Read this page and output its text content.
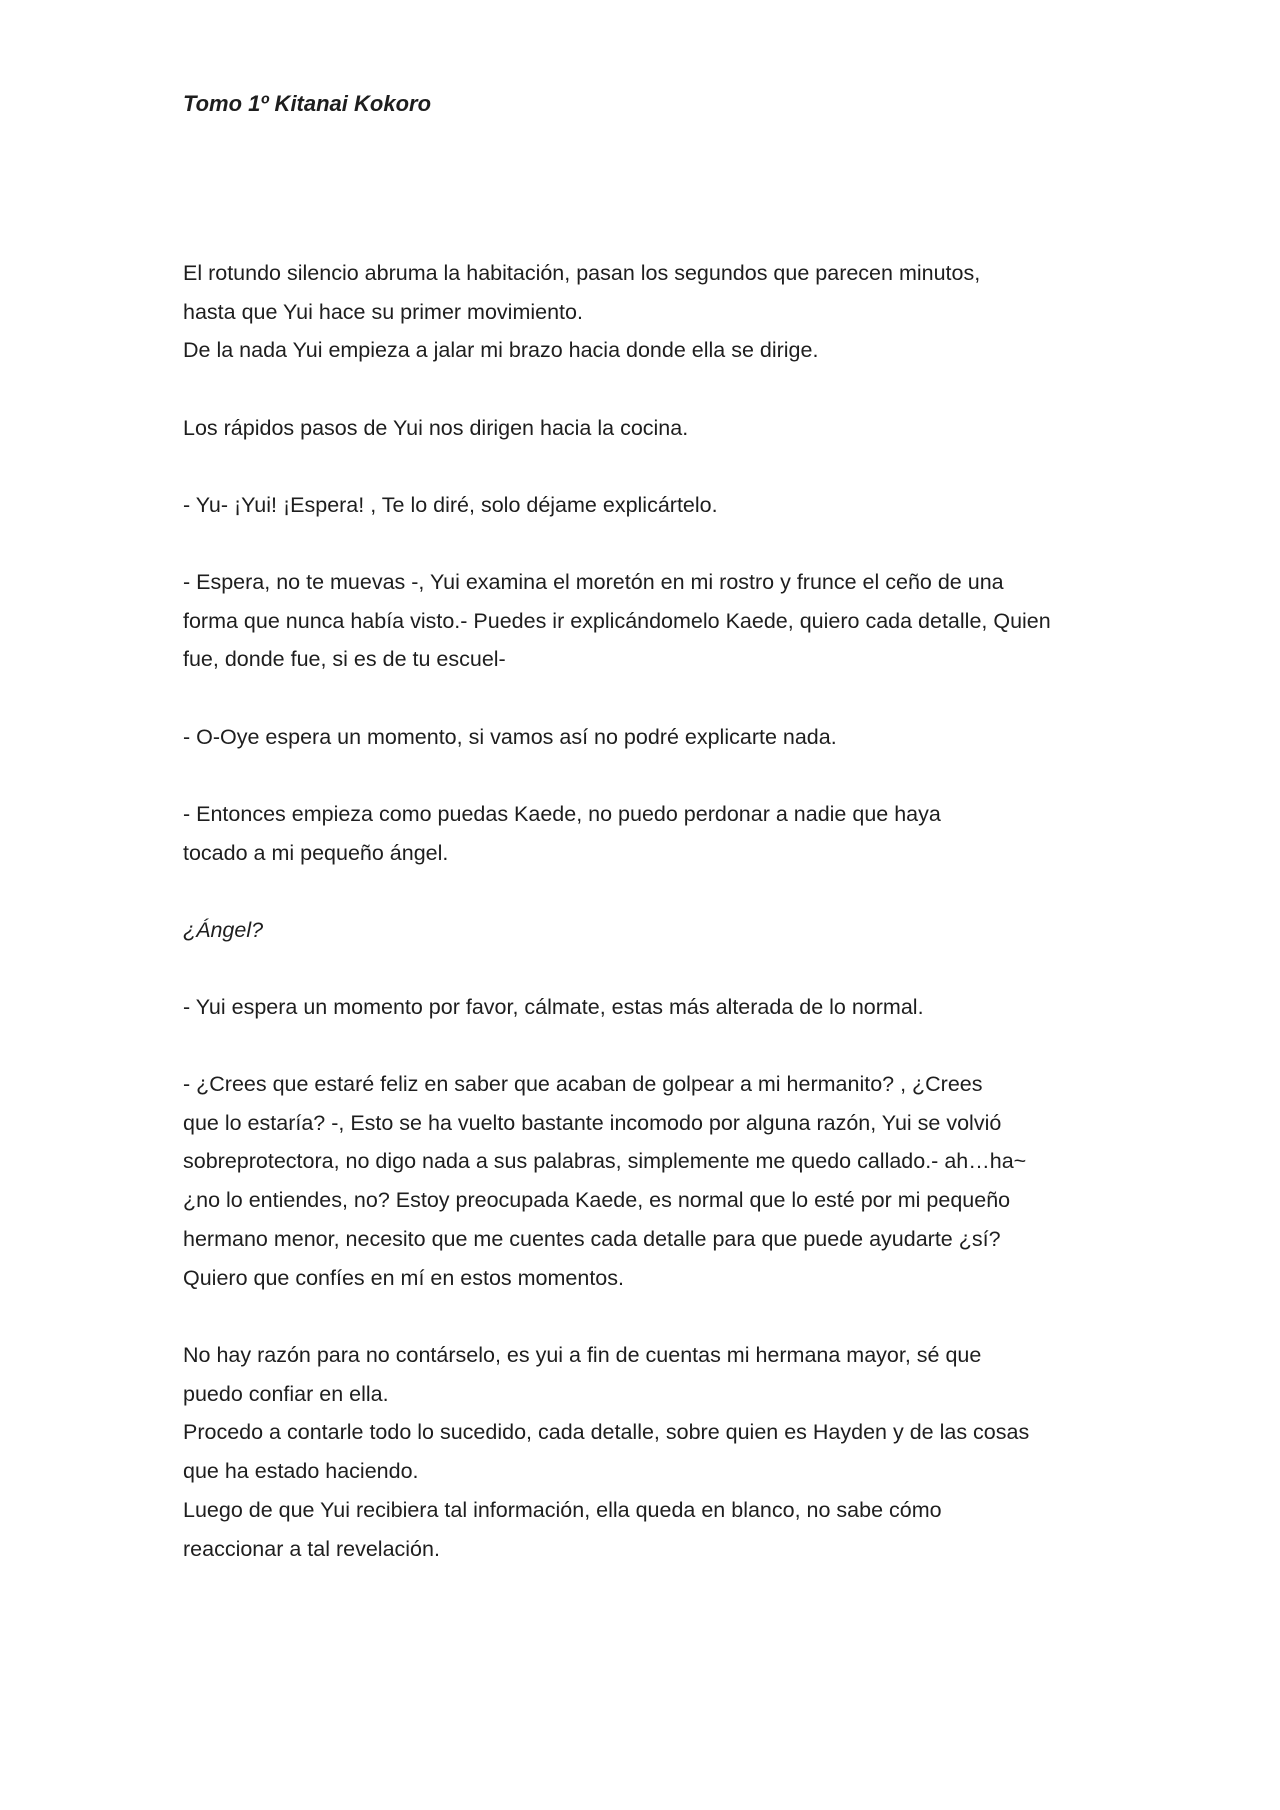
Tomo 1º Kitanai Kokoro

El rotundo silencio abruma la habitación, pasan los segundos que parecen minutos,
hasta que Yui hace su primer movimiento.
De la nada Yui empieza a jalar mi brazo hacia donde ella se dirige.

Los rápidos pasos de Yui nos dirigen hacia la cocina.

- Yu- ¡Yui! ¡Espera! , Te lo diré, solo déjame explicártelo.

- Espera, no te muevas -, Yui examina el moretón en mi rostro y frunce el ceño de una
forma que nunca había visto.- Puedes ir explicándomelo Kaede, quiero cada detalle, Quien
fue, donde fue, si es de tu escuel-

- O-Oye espera un momento, si vamos así no podré explicarte nada.

- Entonces empieza como puedas Kaede, no puedo perdonar a nadie que haya
tocado a mi pequeño ángel.

¿Ángel?

- Yui espera un momento por favor, cálmate, estas más alterada de lo normal.

- ¿Crees que estaré feliz en saber que acaban de golpear a mi hermanito? , ¿Crees
que lo estaría? -, Esto se ha vuelto bastante incomodo por alguna razón, Yui se volvió
sobreprotectora, no digo nada a sus palabras, simplemente me quedo callado.- ah…ha~
¿no lo entiendes, no? Estoy preocupada Kaede, es normal que lo esté por mi pequeño
hermano menor, necesito que me cuentes cada detalle para que puede ayudarte ¿sí?
Quiero que confíes en mí en estos momentos.

No hay razón para no contárselo, es yui a fin de cuentas mi hermana mayor, sé que
puedo confiar en ella.
Procedo a contarle todo lo sucedido, cada detalle, sobre quien es Hayden y de las cosas
que ha estado haciendo.
Luego de que Yui recibiera tal información, ella queda en blanco, no sabe cómo
reaccionar a tal revelación.
